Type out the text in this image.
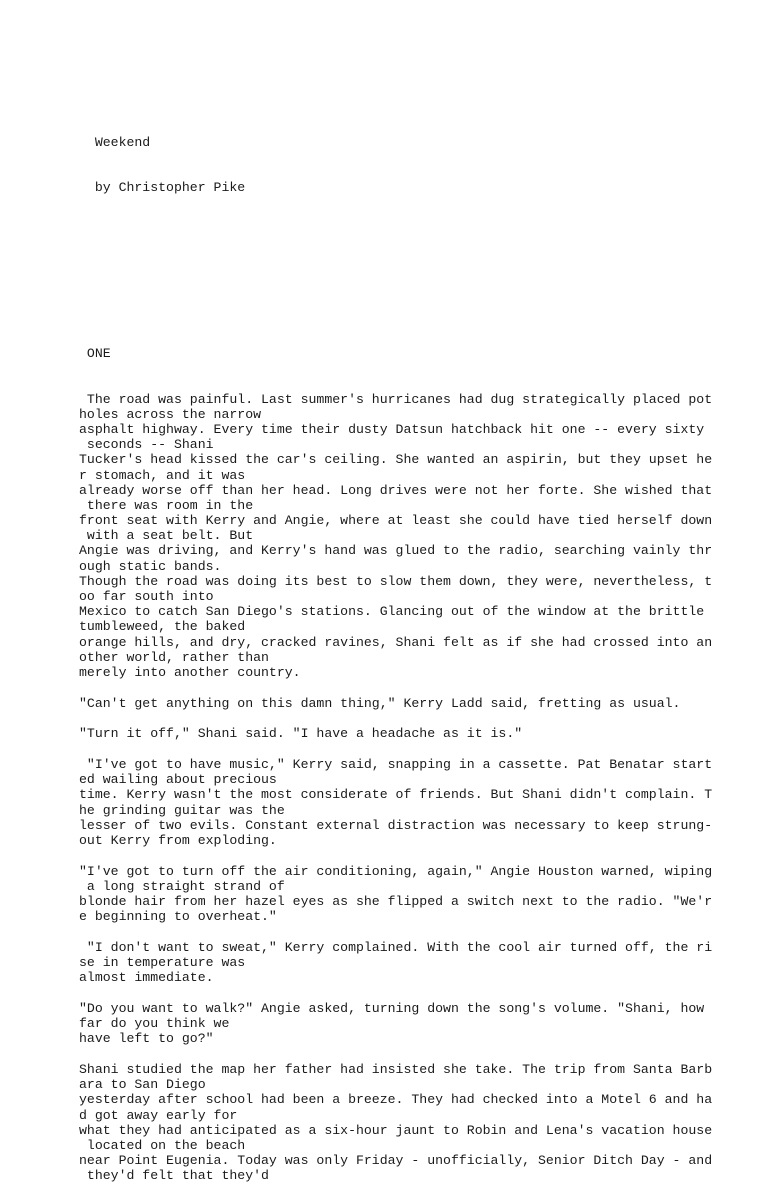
Weekend

by Christopher Pike

ONE

The road was painful. Last summer's hurricanes had dug strategically placed pot
holes across the narrow
asphalt highway. Every time their dusty Datsun hatchback hit one -- every sixty
seconds -- Shani
Tucker's head kissed the car's ceiling. She wanted an aspirin, but they upset he
r stomach, and it was
already worse off than her head. Long drives were not her forte. She wished that
there was room in the
front seat with Kerry and Angie, where at least she could have tied herself down
with a seat belt. But
Angie was driving, and Kerry's hand was glued to the radio, searching vainly thr
ough static bands.
Though the road was doing its best to slow them down, they were, nevertheless, t
oo far south into
Mexico to catch San Diego's stations. Glancing out of the window at the brittle
tumbleweed, the baked
orange hills, and dry, cracked ravines, Shani felt as if she had crossed into an
other world, rather than
merely into another country.
"Can't get anything on this damn thing," Kerry Ladd said, fretting as usual.
"Turn it off," Shani said. "I have a headache as it is."
"I've got to have music," Kerry said, snapping in a cassette. Pat Benatar start
ed wailing about precious
time. Kerry wasn't the most considerate of friends. But Shani didn't complain. T
he grinding guitar was the
lesser of two evils. Constant external distraction was necessary to keep strung-
out Kerry from exploding.
"I've got to turn off the air conditioning, again," Angie Houston warned, wiping
a long straight strand of
blonde hair from her hazel eyes as she flipped a switch next to the radio. "We'r
e beginning to overheat."
"I don't want to sweat," Kerry complained. With the cool air turned off, the ri
se in temperature was
almost immediate.
"Do you want to walk?" Angie asked, turning down the song's volume. "Shani, how
far do you think we
have left to go?"
Shani studied the map her father had insisted she take. The trip from Santa Barb
ara to San Diego
yesterday after school had been a breeze. They had checked into a Motel 6 and ha
d got away early for
what they had anticipated as a six-hour jaunt to Robin and Lena's vacation house
located on the beach
near Point Eugenia. Today was only Friday - unofficially, Senior Ditch Day - and
they'd felt that they'd
